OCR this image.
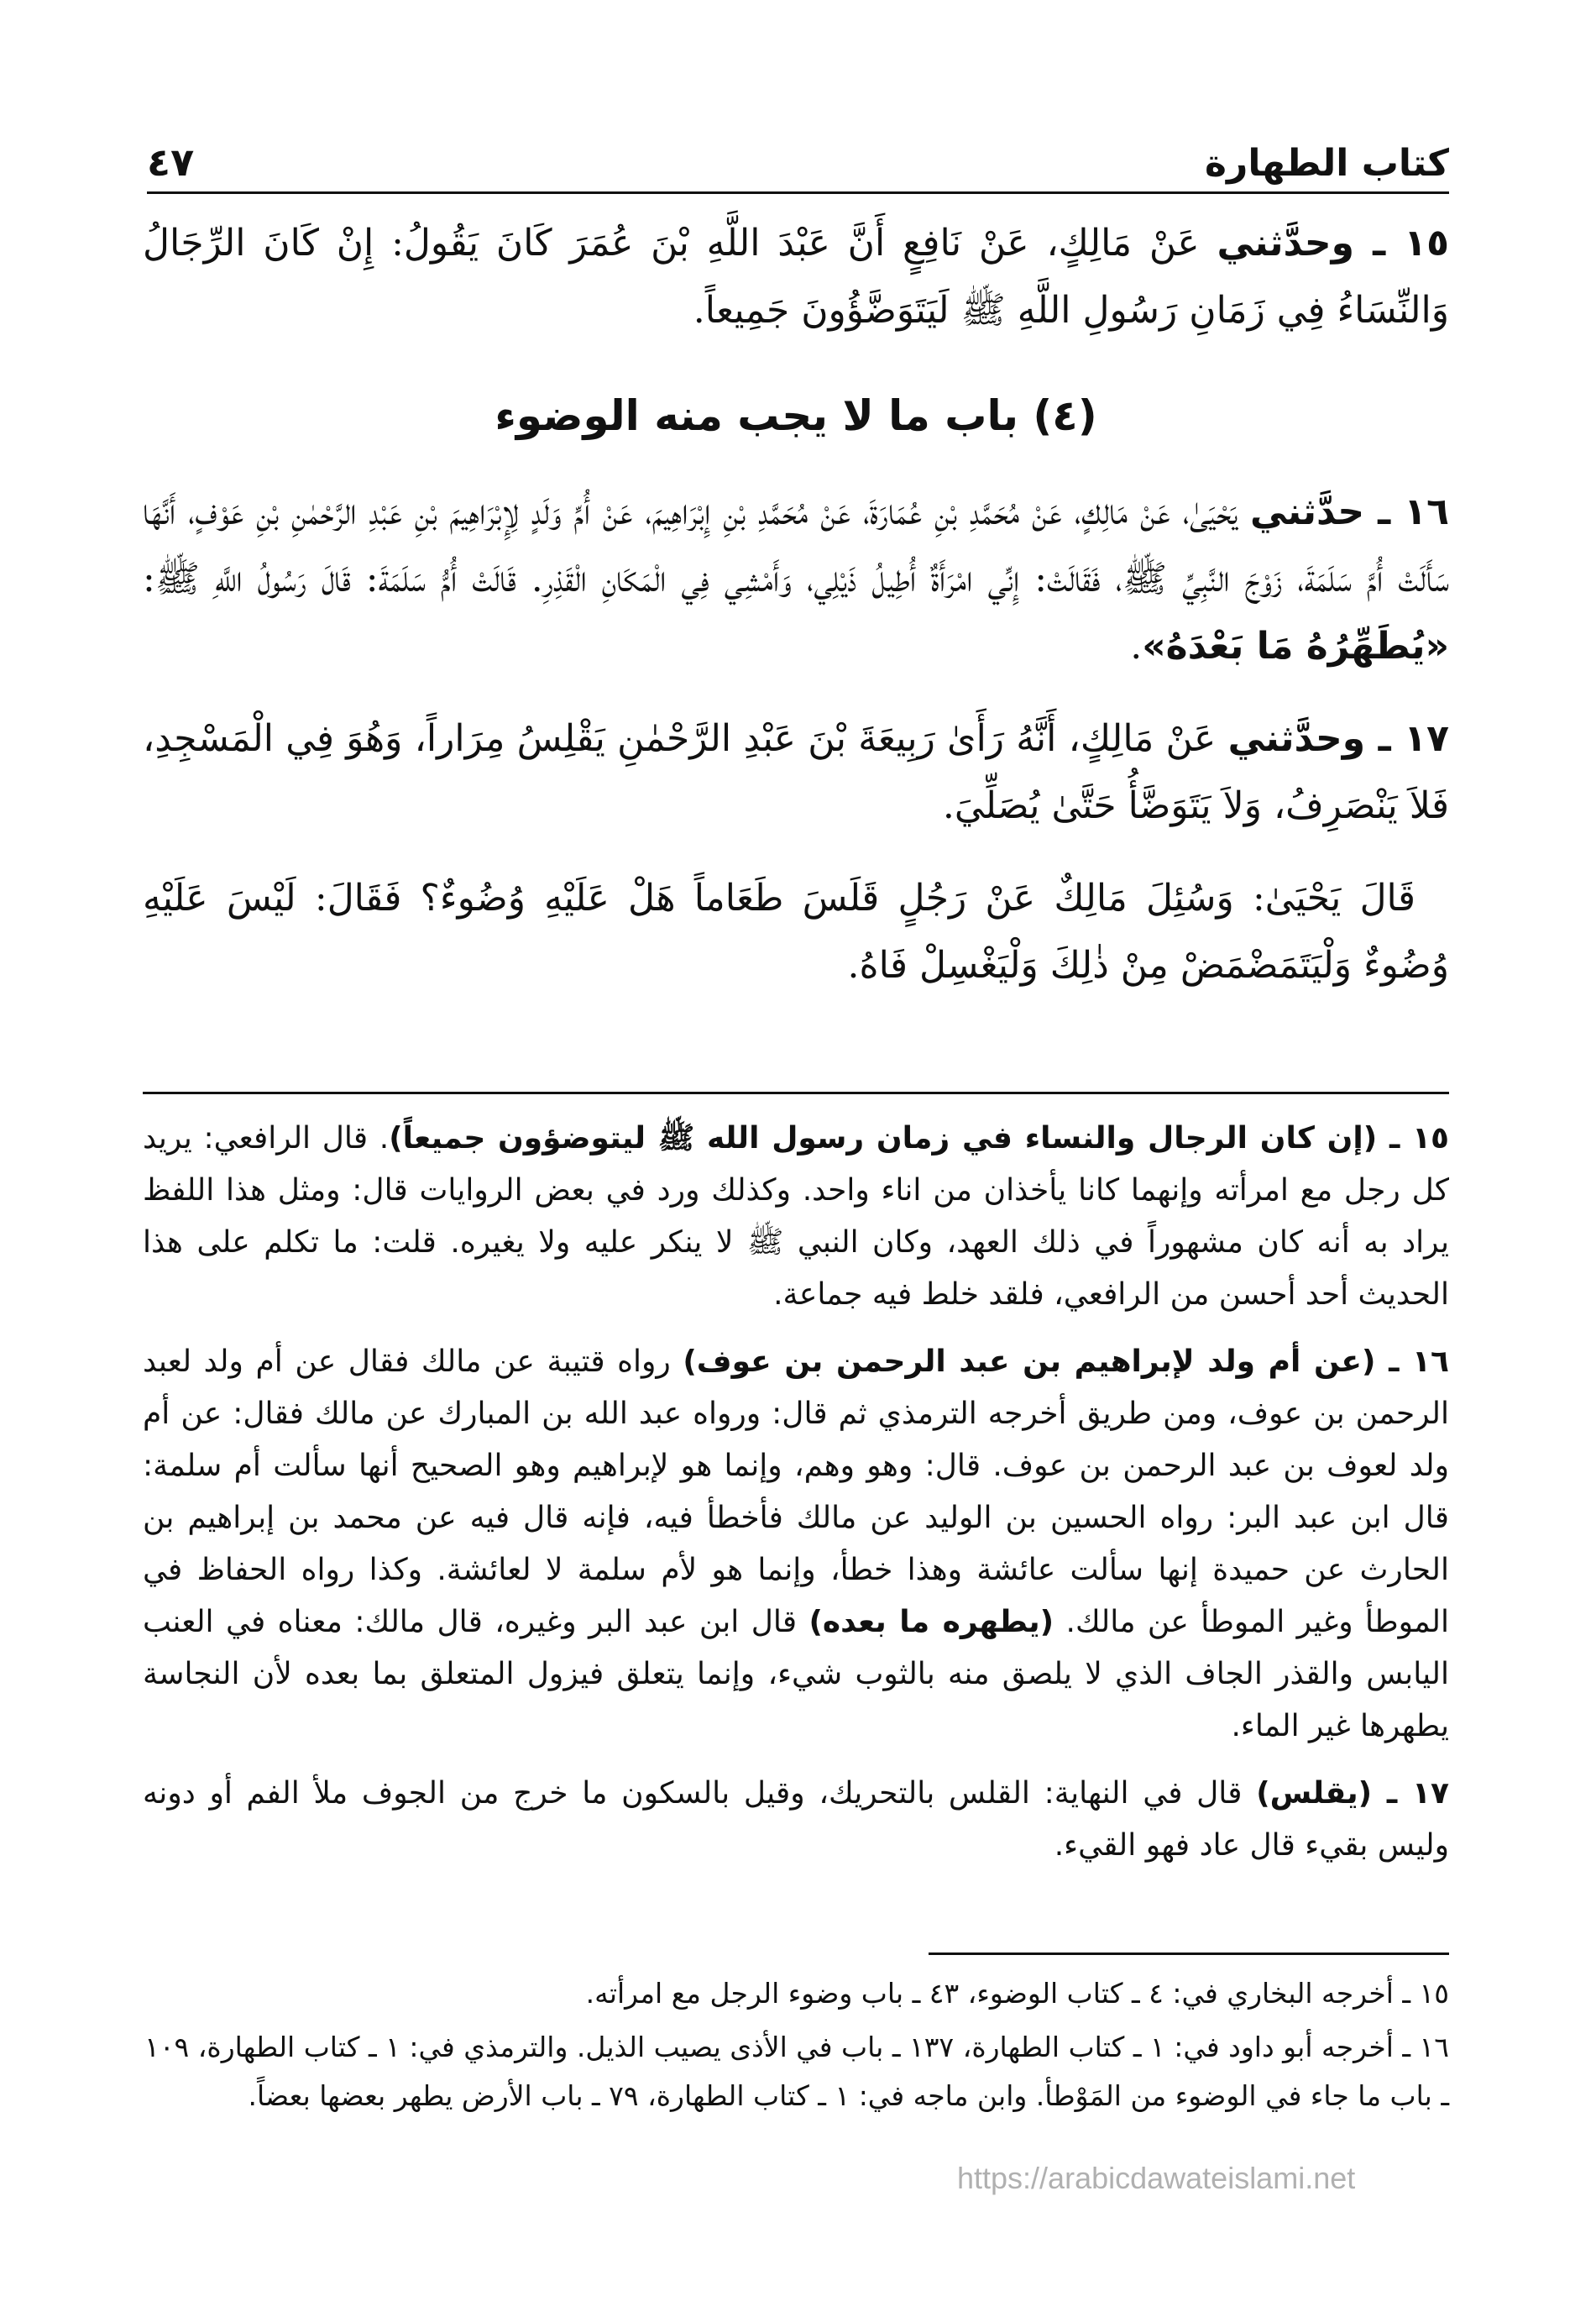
كتاب الطهارة
٤٧

١٥ ـ وحدَّثني عَنْ مَالِكٍ، عَنْ نَافِعٍ أَنَّ عَبْدَ اللَّهِ بْنَ عُمَرَ كَانَ يَقُولُ: إِنْ كَانَ الرِّجَالُ وَالنِّسَاءُ فِي زَمَانِ رَسُولِ اللَّهِ ﷺ لَيَتَوَضَّؤُونَ جَمِيعاً.

(٤) باب ما لا يجب منه الوضوء

١٦ ـ حدَّثني يَحْيَىٰ، عَنْ مَالِكٍ، عَنْ مُحَمَّدِ بْنِ عُمَارَةَ، عَنْ مُحَمَّدِ بْنِ إِبْرَاهِيمَ، عَنْ أُمِّ وَلَدٍ لِإِبْرَاهِيمَ بْنِ عَبْدِ الرَّحْمٰنِ بْنِ عَوْفٍ، أَنَّهَا سَأَلَتْ أُمَّ سَلَمَةَ، زَوْجَ النَّبِيِّ ﷺ، فَقَالَتْ: إِنِّي امْرَأَةٌ أُطِيلُ ذَيْلِي، وَأَمْشِي فِي الْمَكَانِ الْقَذِرِ. قَالَتْ أُمُّ سَلَمَةَ: قَالَ رَسُولُ اللَّهِ ﷺ: «يُطَهِّرُهُ مَا بَعْدَهُ».

١٧ ـ وحدَّثني عَنْ مَالِكٍ، أَنَّهُ رَأَىٰ رَبِيعَةَ بْنَ عَبْدِ الرَّحْمٰنِ يَقْلِسُ مِرَاراً، وَهُوَ فِي الْمَسْجِدِ، فَلاَ يَنْصَرِفُ، وَلاَ يَتَوَضَّأُ حَتَّىٰ يُصَلِّيَ.

قَالَ يَحْيَىٰ: وَسُئِلَ مَالِكٌ عَنْ رَجُلٍ قَلَسَ طَعَاماً هَلْ عَلَيْهِ وُضُوءٌ؟ فَقَالَ: لَيْسَ عَلَيْهِ وُضُوءٌ وَلْيَتَمَضْمَضْ مِنْ ذٰلِكَ وَلْيَغْسِلْ فَاهُ.

١٥ ـ (إن كان الرجال والنساء في زمان رسول الله ﷺ ليتوضؤون جميعاً). قال الرافعي: يريد كل رجل مع امرأته وإنهما كانا يأخذان من اناء واحد. وكذلك ورد في بعض الروايات قال: ومثل هذا اللفظ يراد به أنه كان مشهوراً في ذلك العهد، وكان النبي ﷺ لا ينكر عليه ولا يغيره. قلت: ما تكلم على هذا الحديث أحد أحسن من الرافعي، فلقد خلط فيه جماعة.

١٦ ـ (عن أم ولد لإبراهيم بن عبد الرحمن بن عوف) رواه قتيبة عن مالك فقال عن أم ولد لعبد الرحمن بن عوف، ومن طريق أخرجه الترمذي ثم قال: ورواه عبد الله بن المبارك عن مالك فقال: عن أم ولد لعوف بن عبد الرحمن بن عوف. قال: وهو وهم، وإنما هو لإبراهيم وهو الصحيح أنها سألت أم سلمة: قال ابن عبد البر: رواه الحسين بن الوليد عن مالك فأخطأ فيه، فإنه قال فيه عن محمد بن إبراهيم بن الحارث عن حميدة إنها سألت عائشة وهذا خطأ، وإنما هو لأم سلمة لا لعائشة. وكذا رواه الحفاظ في الموطأ وغير الموطأ عن مالك. (يطهره ما بعده) قال ابن عبد البر وغيره، قال مالك: معناه في العنب اليابس والقذر الجاف الذي لا يلصق منه بالثوب شيء، وإنما يتعلق فيزول المتعلق بما بعده لأن النجاسة يطهرها غير الماء.

١٧ ـ (يقلس) قال في النهاية: القلس بالتحريك، وقيل بالسكون ما خرج من الجوف ملأ الفم أو دونه وليس بقيء قال عاد فهو القيء.

١٥ ـ أخرجه البخاري في: ٤ ـ كتاب الوضوء، ٤٣ ـ باب وضوء الرجل مع امرأته.

١٦ ـ أخرجه أبو داود في: ١ ـ كتاب الطهارة، ١٣٧ ـ باب في الأذى يصيب الذيل. والترمذي في: ١ ـ كتاب الطهارة، ١٠٩ ـ باب ما جاء في الوضوء من المَوْطأ. وابن ماجه في: ١ ـ كتاب الطهارة، ٧٩ ـ باب الأرض يطهر بعضها بعضاً.

https://arabicdawateislami.net
